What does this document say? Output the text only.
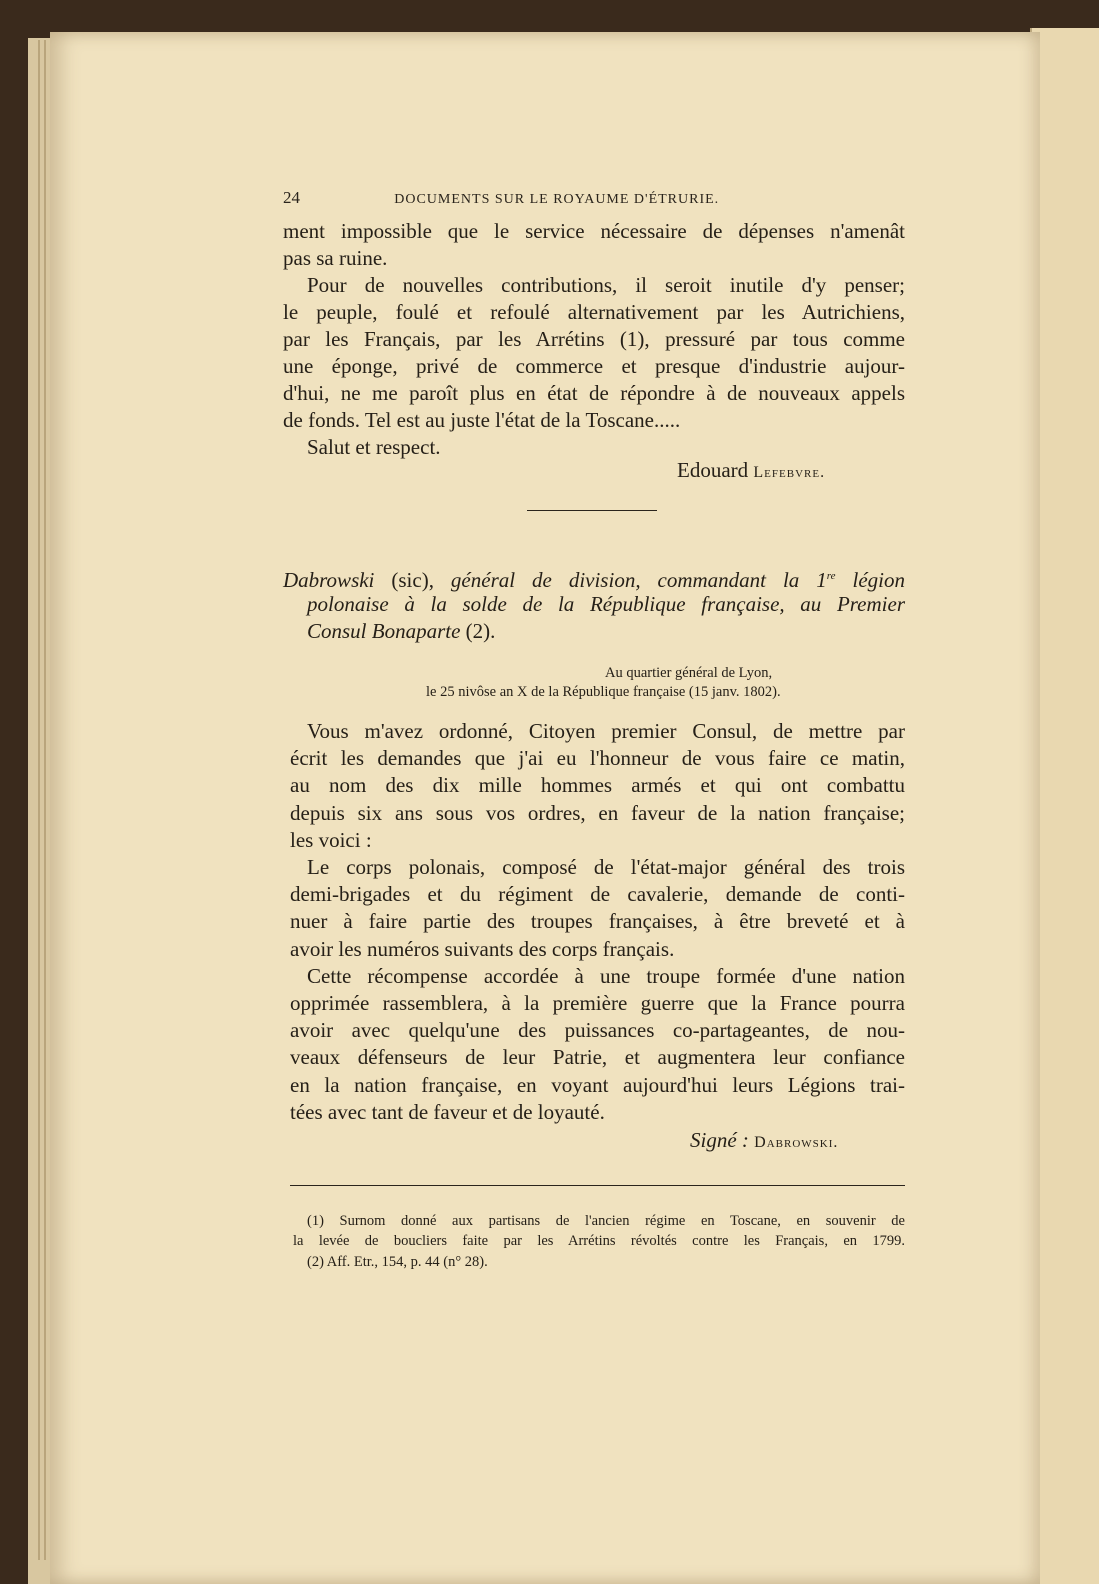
24	DOCUMENTS SUR LE ROYAUME D'ÉTRURIE.
ment impossible que le service nécessaire de dépenses n'amenât
pas sa ruine.
Pour de nouvelles contributions, il seroit inutile d'y penser;
le peuple, foulé et refoulé alternativement par les Autrichiens,
par les Français, par les Arrétins (1), pressuré par tous comme
une éponge, privé de commerce et presque d'industrie aujour-
d'hui, ne me paroît plus en état de répondre à de nouveaux appels
de fonds. Tel est au juste l'état de la Toscane.....
Salut et respect.
Edouard Lefebvre.
Dabrowski (sic), général de division, commandant la 1re légion
polonaise à la solde de la République française, au Premier
Consul Bonaparte (2).
Au quartier général de Lyon,
le 25 nivôse an X de la République française (15 janv. 1802).
Vous m'avez ordonné, Citoyen premier Consul, de mettre par
écrit les demandes que j'ai eu l'honneur de vous faire ce matin,
au nom des dix mille hommes armés et qui ont combattu
depuis six ans sous vos ordres, en faveur de la nation française;
les voici :
Le corps polonais, composé de l'état-major général des trois
demi-brigades et du régiment de cavalerie, demande de conti-
nuer à faire partie des troupes françaises, à être breveté et à
avoir les numéros suivants des corps français.
Cette récompense accordée à une troupe formée d'une nation
opprimée rassemblera, à la première guerre que la France pourra
avoir avec quelqu'une des puissances co-partageantes, de nou-
veaux défenseurs de leur Patrie, et augmentera leur confiance
en la nation française, en voyant aujourd'hui leurs Légions trai-
tées avec tant de faveur et de loyauté.
Signé : Dabrowski.
(1) Surnom donné aux partisans de l'ancien régime en Toscane, en souvenir de
la levée de boucliers faite par les Arrétins révoltés contre les Français, en 1799.
(2) Aff. Etr., 154, p. 44 (n° 28).
